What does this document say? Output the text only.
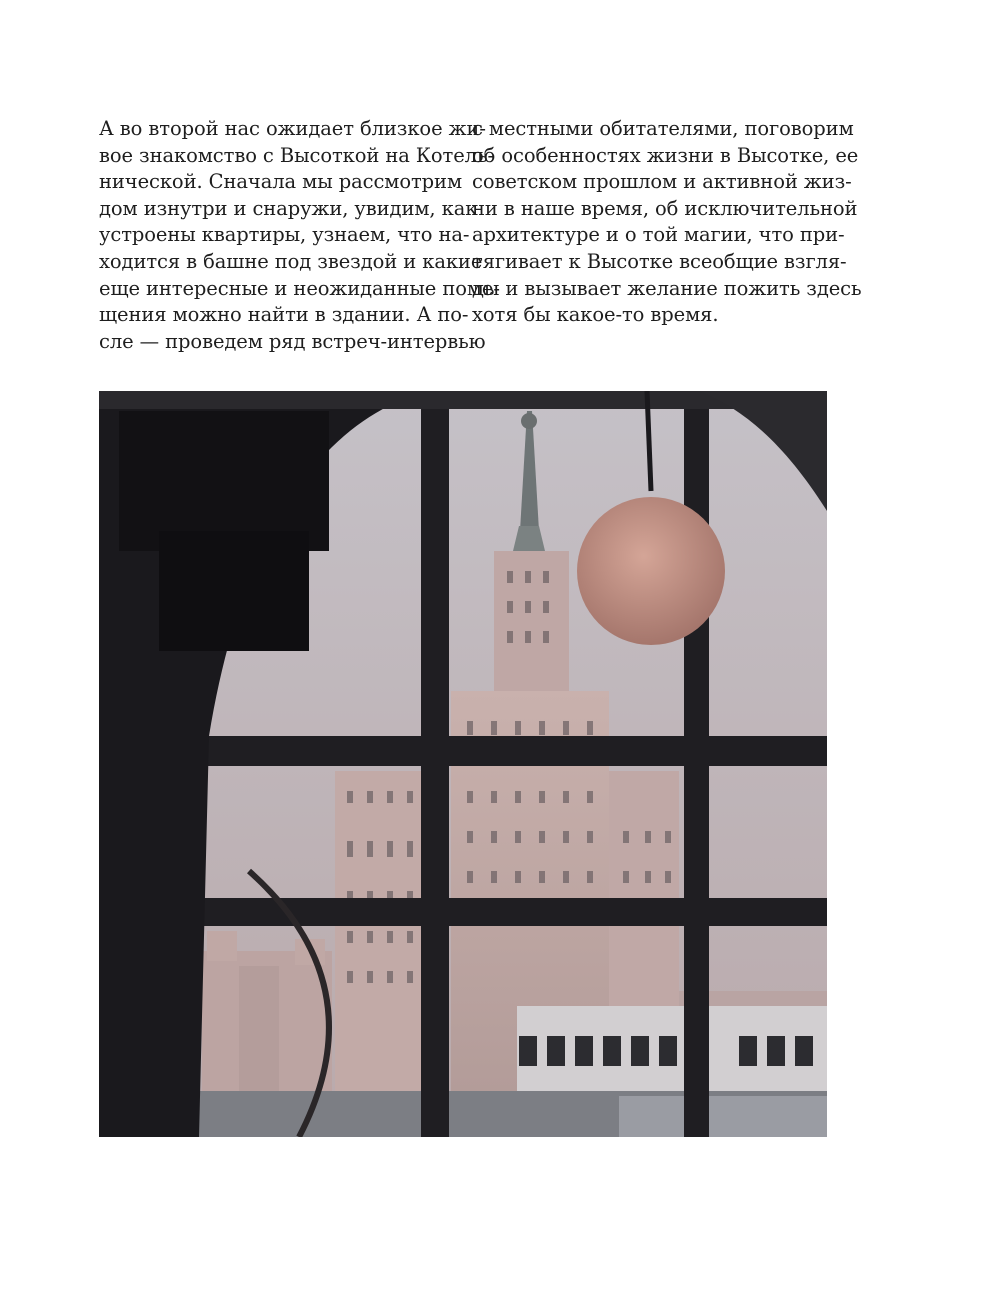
А во второй нас ожидает близкое жи-
вое знакомство с Высоткой на Котель-
нической. Сначала мы рассмотрим
дом изнутри и снаружи, увидим, как
устроены квартиры, узнаем, что на-
ходится в башне под звездой и какие
еще интересные и неожиданные поме-
щения можно найти в здании. А по-
сле — проведем ряд встреч-интервью
с местными обитателями, поговорим
об особенностях жизни в Высотке, ее
советском прошлом и активной жиз-
ни в наше время, об исключительной
архитектуре и о той магии, что при-
тягивает к Высотке всеобщие взгля-
ды и вызывает желание пожить здесь
хотя бы какое-то время.
